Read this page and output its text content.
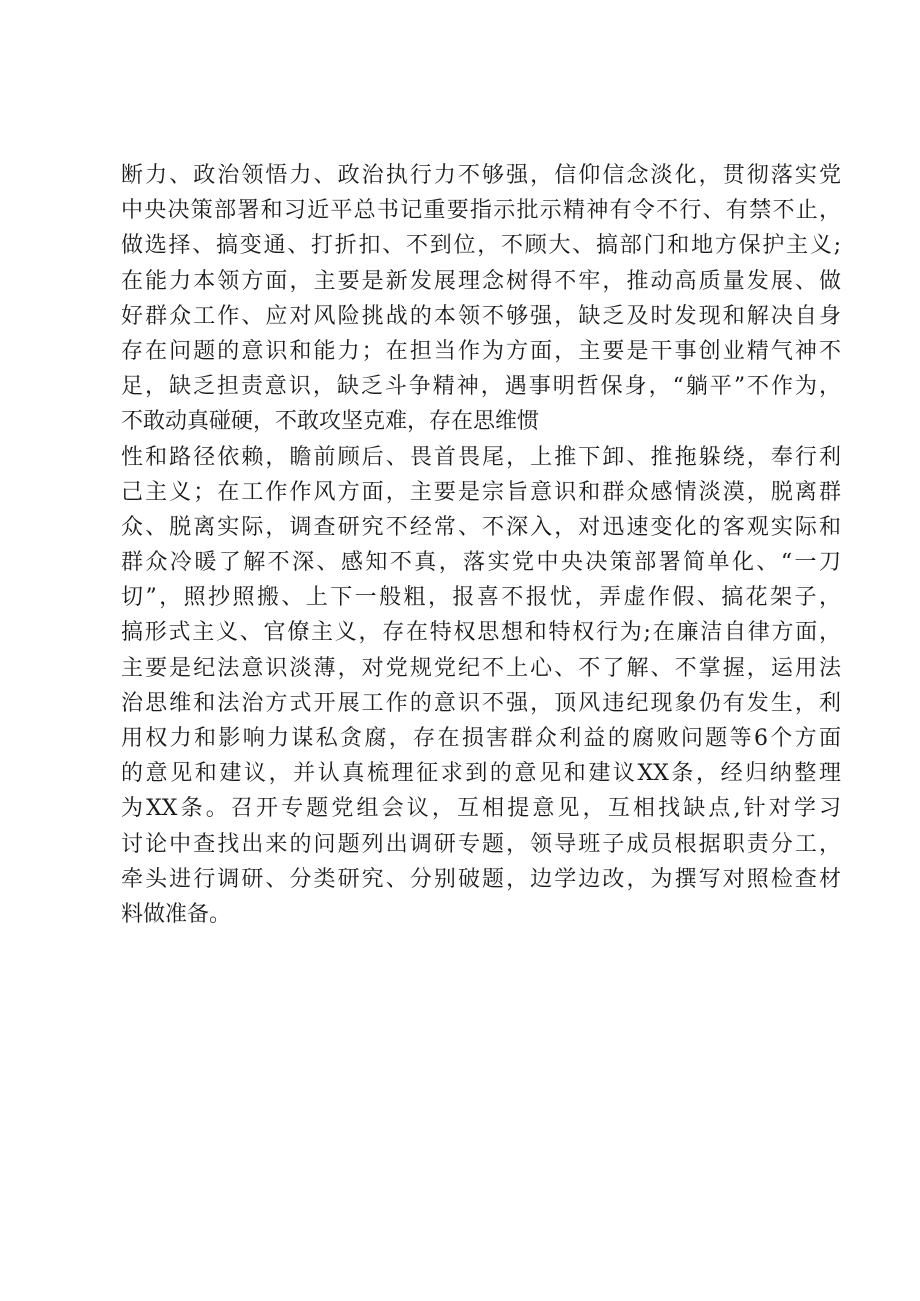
断力、政治领悟力、政治执行力不够强，信仰信念淡化，贯彻落实党
中央决策部署和习近平总书记重要指示批示精神有令不行、有禁不止，
做选择、搞变通、打折扣、不到位，不顾大、搞部门和地方保护主义;
在能力本领方面，主要是新发展理念树得不牢，推动高质量发展、做
好群众工作、应对风险挑战的本领不够强，缺乏及时发现和解决自身
存在问题的意识和能力；在担当作为方面，主要是干事创业精气神不
足，缺乏担责意识，缺乏斗争精神，遇事明哲保身，“躺平”不作为，
不敢动真碰硬，不敢攻坚克难，存在思维惯
性和路径依赖，瞻前顾后、畏首畏尾，上推下卸、推拖躲绕，奉行利
己主义；在工作作风方面，主要是宗旨意识和群众感情淡漠，脱离群
众、脱离实际，调查研究不经常、不深入，对迅速变化的客观实际和
群众冷暖了解不深、感知不真，落实党中央决策部署简单化、“一刀
切”，照抄照搬、上下一般粗，报喜不报忧，弄虚作假、搞花架子，
搞形式主义、官僚主义，存在特权思想和特权行为;在廉洁自律方面，
主要是纪法意识淡薄，对党规党纪不上心、不了解、不掌握，运用法
治思维和法治方式开展工作的意识不强，顶风违纪现象仍有发生，利
用权力和影响力谋私贪腐，存在损害群众利益的腐败问题等6个方面
的意见和建议，并认真梳理征求到的意见和建议XX条，经归纳整理
为XX条。召开专题党组会议，互相提意见，互相找缺点,针对学习
讨论中查找出来的问题列出调研专题，领导班子成员根据职责分工，
牵头进行调研、分类研究、分别破题，边学边改，为撰写对照检查材
料做准备。
